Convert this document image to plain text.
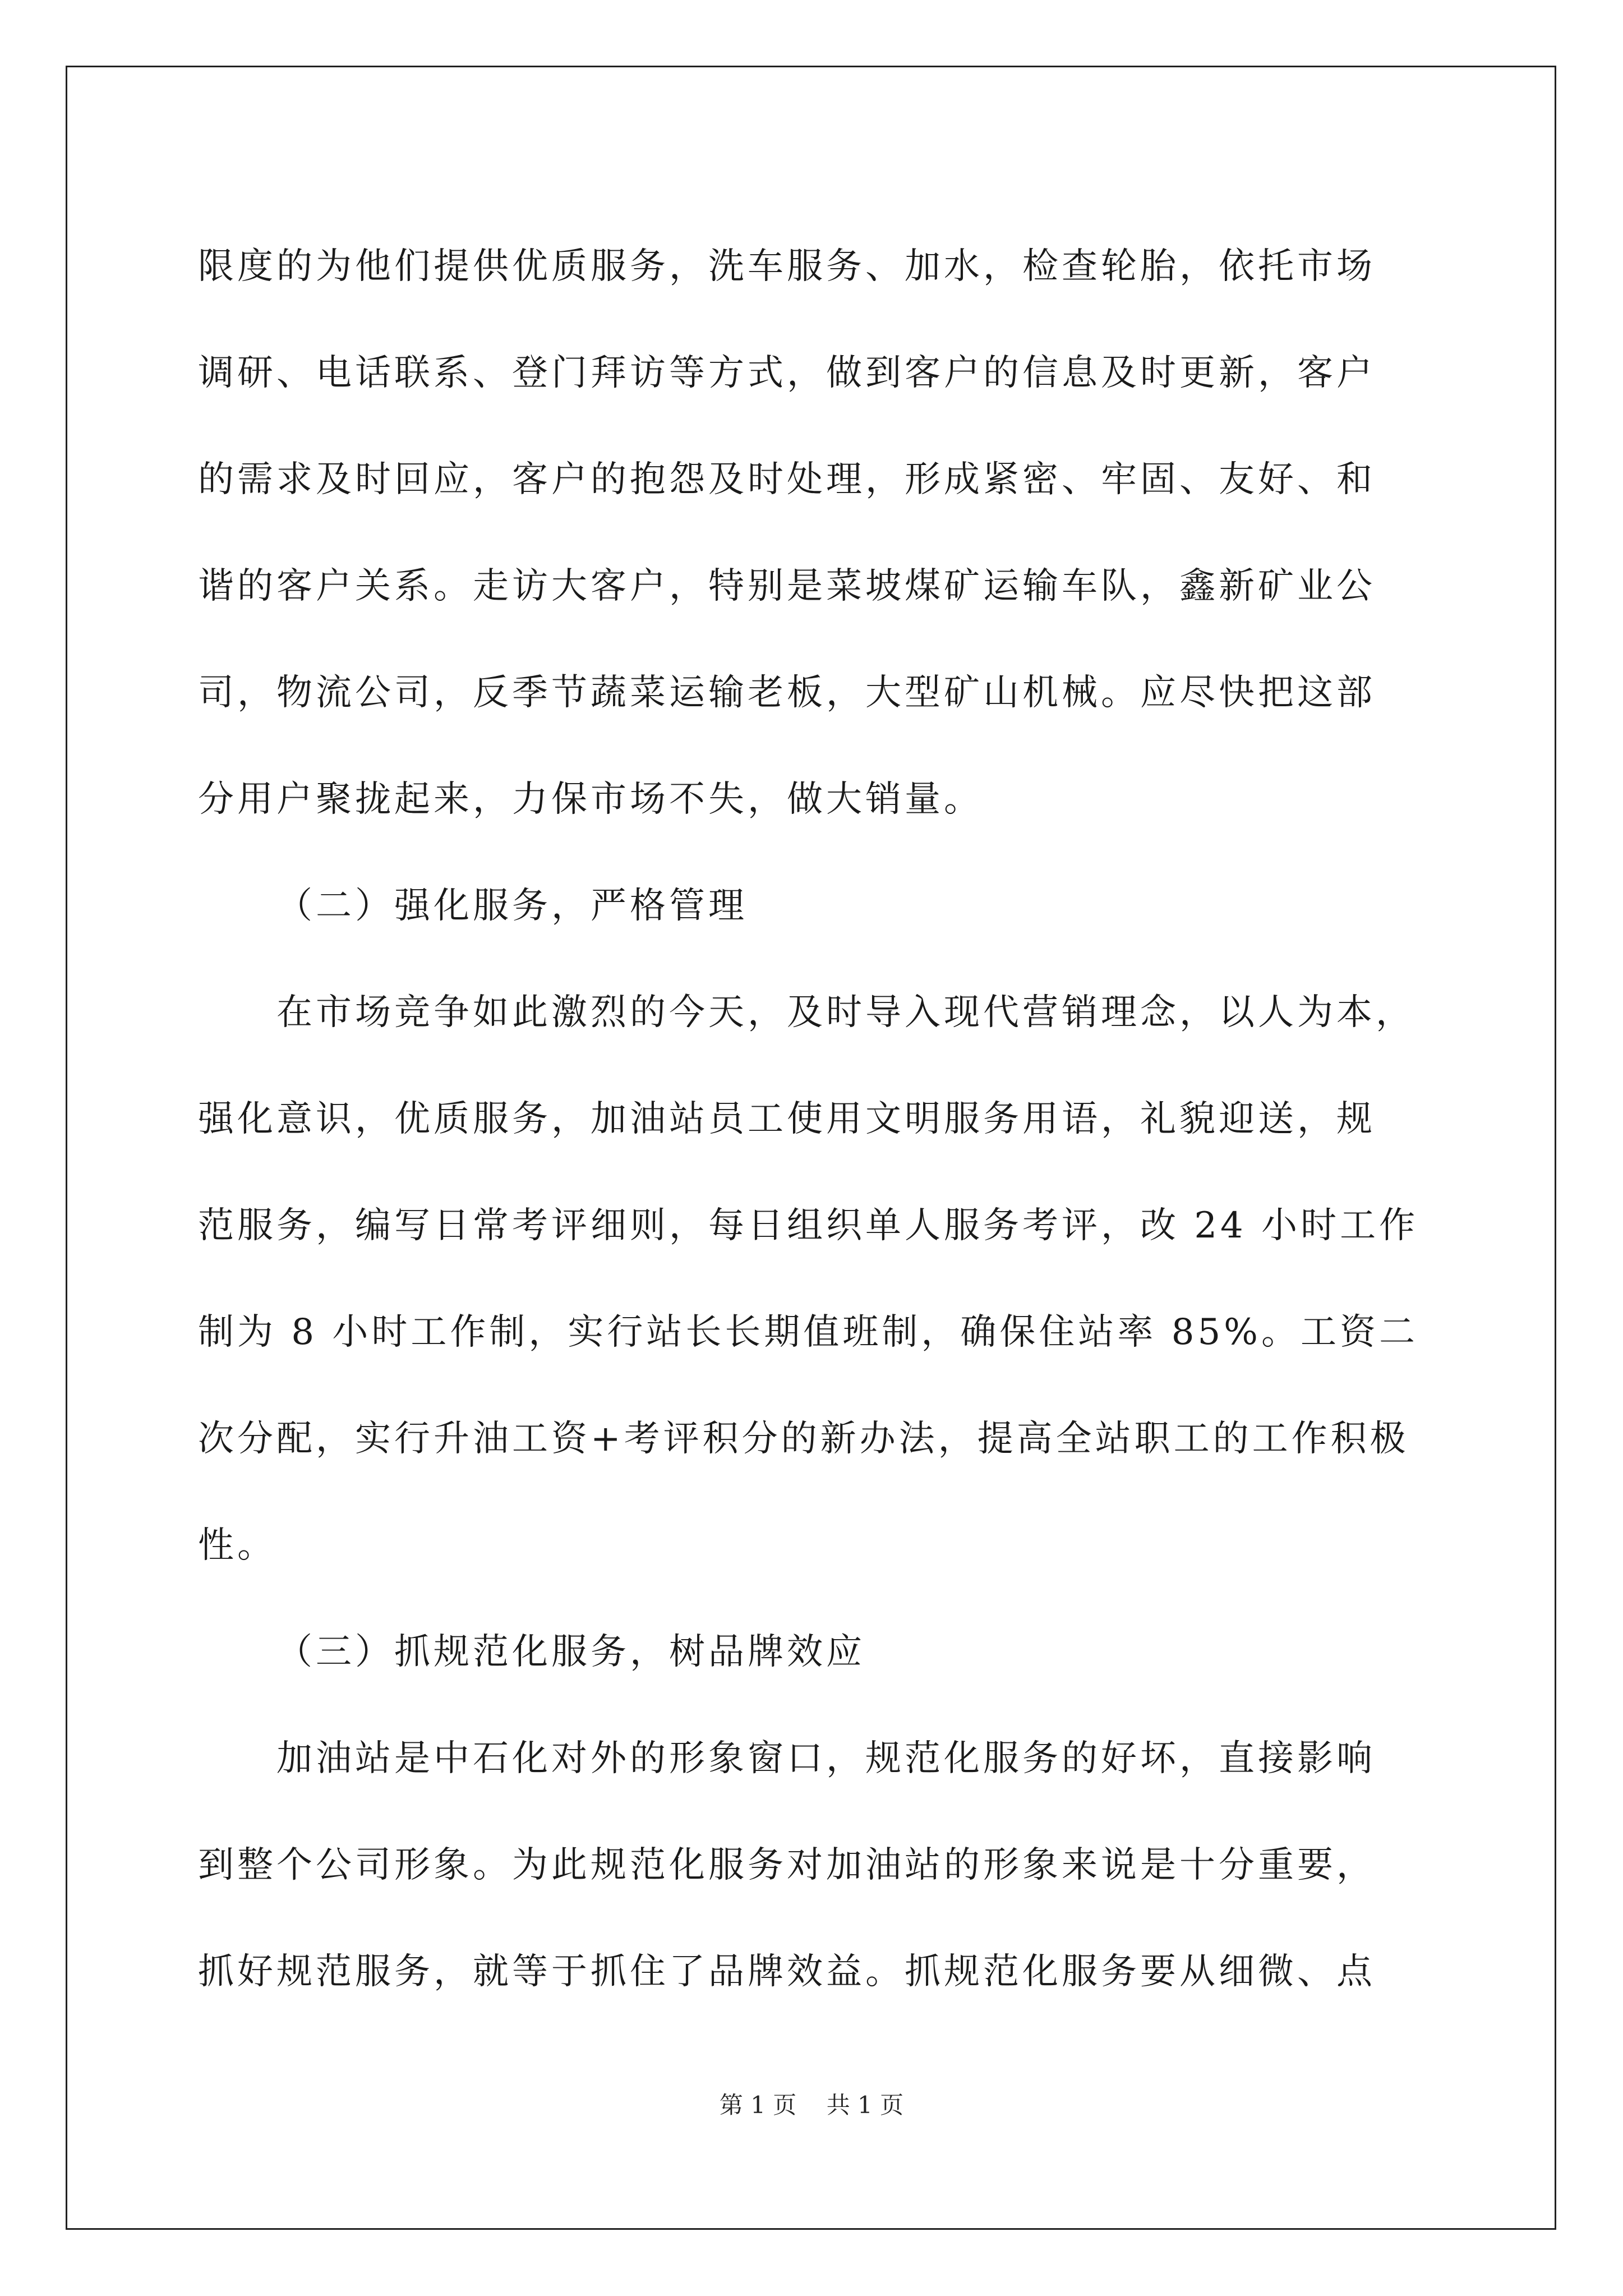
限度的为他们提供优质服务，洗车服务、加水，检查轮胎，依托市场
调研、电话联系、登门拜访等方式，做到客户的信息及时更新，客户
的需求及时回应，客户的抱怨及时处理，形成紧密、牢固、友好、和
谐的客户关系。走访大客户，特别是菜坡煤矿运输车队，鑫新矿业公
司，物流公司，反季节蔬菜运输老板，大型矿山机械。应尽快把这部
分用户聚拢起来，力保市场不失，做大销量。
（二）强化服务，严格管理
在市场竞争如此激烈的今天，及时导入现代营销理念，以人为本，
强化意识，优质服务，加油站员工使用文明服务用语，礼貌迎送，规
范服务，编写日常考评细则，每日组织单人服务考评，改 24 小时工作
制为 8 小时工作制，实行站长长期值班制，确保住站率 85%。工资二
次分配，实行升油工资+考评积分的新办法，提高全站职工的工作积极
性。
（三）抓规范化服务，树品牌效应
加油站是中石化对外的形象窗口，规范化服务的好坏，直接影响
到整个公司形象。为此规范化服务对加油站的形象来说是十分重要，
抓好规范服务，就等于抓住了品牌效益。抓规范化服务要从细微、点
第 1 页    共 1 页
